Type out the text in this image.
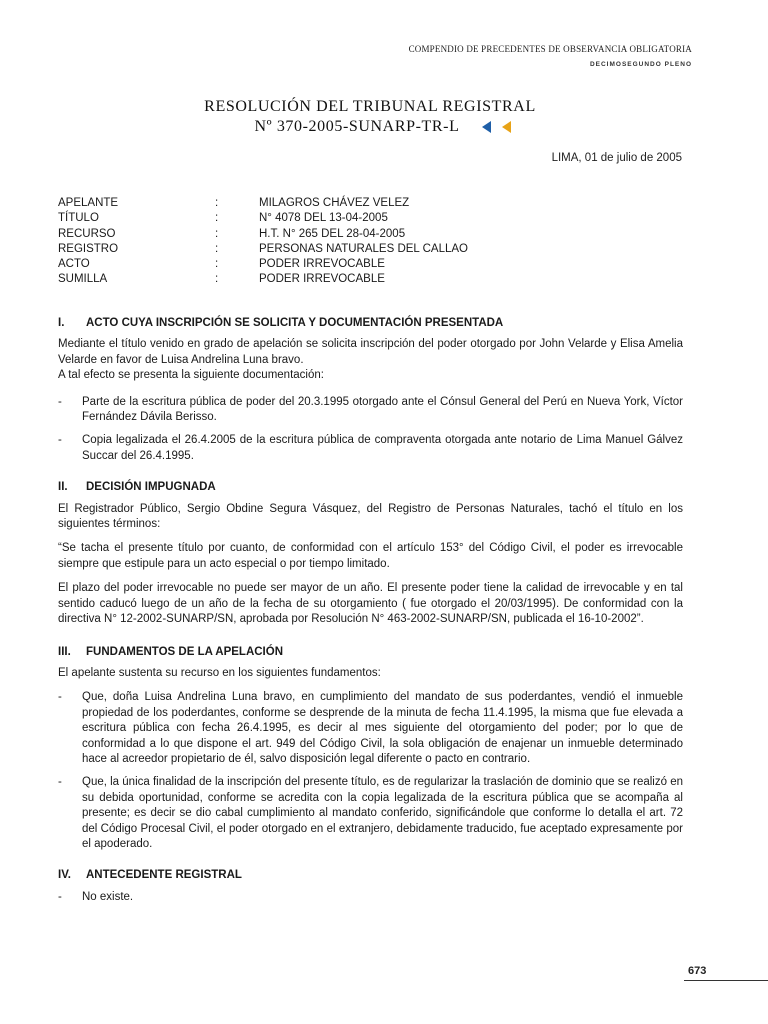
COMPENDIO DE PRECEDENTES DE OBSERVANCIA OBLIGATORIA
DECIMOSEGUNDO PLENO
RESOLUCIÓN DEL TRIBUNAL REGISTRAL
Nº 370-2005-SUNARP-TR-L
LIMA, 01 de julio de 2005
APELANTE	:	MILAGROS CHÁVEZ VELEZ
TÍTULO	:	N° 4078 DEL 13-04-2005
RECURSO	:	H.T. N° 265 DEL 28-04-2005
REGISTRO	:	PERSONAS NATURALES DEL CALLAO
ACTO	:	PODER IRREVOCABLE
SUMILLA	:	PODER IRREVOCABLE
I.	ACTO CUYA INSCRIPCIÓN SE SOLICITA Y DOCUMENTACIÓN PRESENTADA

Mediante el título venido en grado de apelación se solicita inscripción del poder otorgado por John Velarde y Elisa Amelia Velarde en favor de Luisa Andrelina Luna bravo.

A tal efecto se presenta la siguiente documentación:

-	Parte de la escritura pública de poder del 20.3.1995 otorgado ante el Cónsul General del Perú en Nueva York, Víctor Fernández Dávila Berisso.
-	Copia legalizada el 26.4.2005 de la escritura pública de compraventa otorgada ante notario de Lima Manuel Gálvez Succar del 26.4.1995.
II.	DECISIÓN IMPUGNADA

El Registrador Público, Sergio Obdine Segura Vásquez, del Registro de Personas Naturales, tachó el título en los siguientes términos:

“Se tacha el presente título por cuanto, de conformidad con el artículo 153° del Código Civil, el poder es irrevocable siempre que estipule para un acto especial o por tiempo limitado.

El plazo del poder irrevocable no puede ser mayor de un año. El presente poder tiene la calidad de irrevocable y en tal sentido caducó luego de un año de la fecha de su otorgamiento ( fue otorgado el 20/03/1995). De conformidad con la directiva N° 12-2002-SUNARP/SN, aprobada por Resolución N° 463-2002-SUNARP/SN, publicada el 16-10-2002”.

III.	FUNDAMENTOS DE LA APELACIÓN

El apelante sustenta su recurso en los siguientes fundamentos:

-	Que, doña Luisa Andrelina Luna bravo, en cumplimiento del mandato de sus poderdantes, vendió el inmueble propiedad de los poderdantes, conforme se desprende de la minuta de fecha 11.4.1995, la misma que fue elevada a escritura pública con fecha 26.4.1995, es decir al mes siguiente del otorgamiento del poder; por lo que de conformidad a lo que dispone el art. 949 del Código Civil, la sola obligación de enajenar un inmueble determinado hace al acreedor propietario de él, salvo disposición legal diferente o pacto en contrario.
-	Que, la única finalidad de la inscripción del presente título, es de regularizar la traslación de dominio que se realizó en su debida oportunidad, conforme se acredita con la copia legalizada de la escritura pública que se acompaña al presente; es decir se dio cabal cumplimiento al mandato conferido, significándole que conforme lo detalla el art. 72 del Código Procesal Civil, el poder otorgado en el extranjero, debidamente traducido, fue aceptado expresamente por el apoderado.
IV.	ANTECEDENTE REGISTRAL
-	No existe.
673
